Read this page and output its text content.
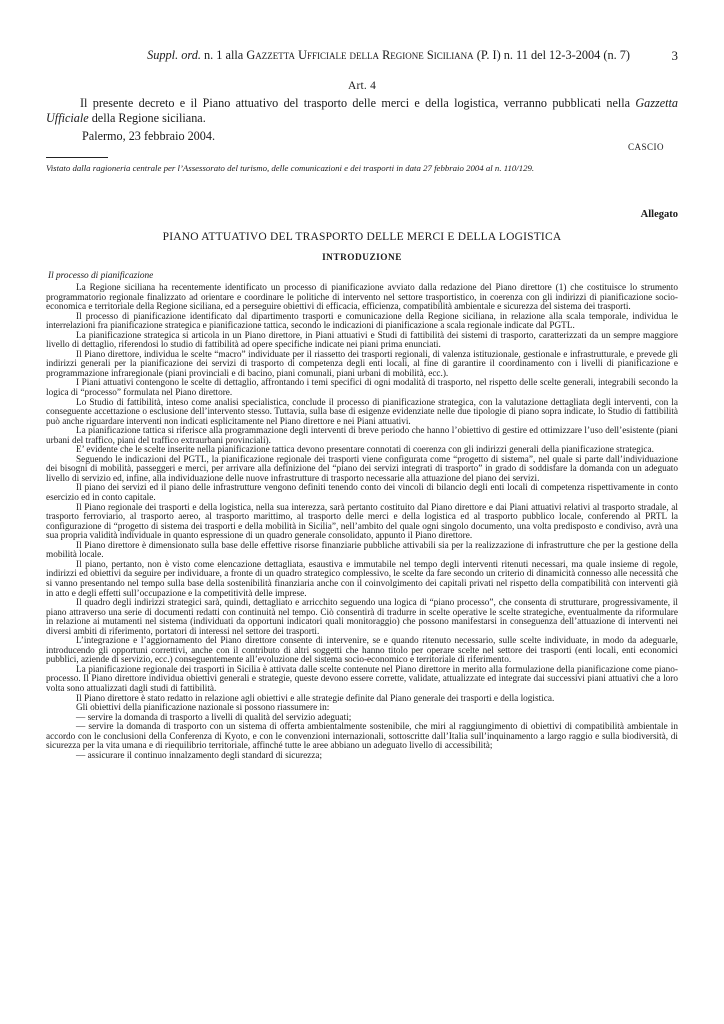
Suppl. ord. n. 1 alla Gazzetta Ufficiale della Regione Siciliana (P. I) n. 11 del 12-3-2004 (n. 7)	3
Art. 4
Il presente decreto e il Piano attuativo del trasporto delle merci e della logistica, verranno pubblicati nella Gazzetta Ufficiale della Regione siciliana.
Palermo, 23 febbraio 2004.
CASCIO
Vistato dalla ragioneria centrale per l’Assessorato del turismo, delle comunicazioni e dei trasporti in data 27 febbraio 2004 al n. 110/129.
Allegato
PIANO ATTUATIVO DEL TRASPORTO DELLE MERCI E DELLA LOGISTICA
INTRODUZIONE
Il processo di pianificazione

La Regione siciliana ha recentemente identificato un processo di pianificazione avviato dalla redazione del Piano direttore (1) che costituisce lo strumento programmatorio regionale finalizzato ad orientare e coordinare le politiche di intervento nel settore trasportistico, in coerenza con gli indirizzi di pianificazione socio-economica e territoriale della Regione siciliana, ed a perseguire obiettivi di efficacia, efficienza, compatibilità ambientale e sicurezza del sistema dei trasporti.

Il processo di pianificazione identificato dal dipartimento trasporti e comunicazione della Regione siciliana, in relazione alla scala temporale, individua le interrelazioni fra pianificazione strategica e pianificazione tattica, secondo le indicazioni di pianificazione a scala regionale indicate dal PGTL.

La pianificazione strategica si articola in un Piano direttore, in Piani attuativi e Studi di fattibilità dei sistemi di trasporto, caratterizzati da un sempre maggiore livello di dettaglio, riferendosi lo studio di fattibilità ad opere specifiche indicate nei piani prima enunciati.

Il Piano direttore, individua le scelte “macro” individuate per il riassetto dei trasporti regionali, di valenza istituzionale, gestionale e infrastrutturale, e prevede gli indirizzi generali per la pianificazione dei servizi di trasporto di competenza degli enti locali, al fine di garantire il coordinamento con i livelli di pianificazione e programmazione infraregionale (piani provinciali e di bacino, piani comunali, piani urbani di mobilità, ecc.).

I Piani attuativi contengono le scelte di dettaglio, affrontando i temi specifici di ogni modalità di trasporto, nel rispetto delle scelte generali, integrabili secondo la logica di “processo” formulata nel Piano direttore.

Lo Studio di fattibilità, inteso come analisi specialistica, conclude il processo di pianificazione strategica, con la valutazione dettagliata degli interventi, con la conseguente accettazione o esclusione dell’intervento stesso. Tuttavia, sulla base di esigenze evidenziate nelle due tipologie di piano sopra indicate, lo Studio di fattibilità può anche riguardare interventi non indicati esplicitamente nel Piano direttore e nei Piani attuativi.

La pianificazione tattica si riferisce alla programmazione degli interventi di breve periodo che hanno l’obiettivo di gestire ed ottimizzare l’uso dell’esistente (piani urbani del traffico, piani del traffico extraurbani provinciali).

E’ evidente che le scelte inserite nella pianificazione tattica devono presentare connotati di coerenza con gli indirizzi generali della pianificazione strategica.

Seguendo le indicazioni del PGTL, la pianificazione regionale dei trasporti viene configurata come “progetto di sistema”, nel quale si parte dall’individuazione dei bisogni di mobilità, passeggeri e merci, per arrivare alla definizione del “piano dei servizi integrati di trasporto” in grado di soddisfare la domanda con un adeguato livello di servizio ed, infine, alla individuazione delle nuove infrastrutture di trasporto necessarie alla attuazione del piano dei servizi.

Il piano dei servizi ed il piano delle infrastrutture vengono definiti tenendo conto dei vincoli di bilancio degli enti locali di competenza rispettivamente in conto esercizio ed in conto capitale.

Il Piano regionale dei trasporti e della logistica, nella sua interezza, sarà pertanto costituito dal Piano direttore e dai Piani attuativi relativi al trasporto stradale, al trasporto ferroviario, al trasporto aereo, al trasporto marittimo, al trasporto delle merci e della logistica ed al trasporto pubblico locale, conferendo al PRTL la configurazione di “progetto di sistema dei trasporti e della mobilità in Sicilia”, nell’ambito del quale ogni singolo documento, una volta predisposto e condiviso, avrà una sua propria validità individuale in quanto espressione di un quadro generale consolidato, appunto il Piano direttore.

Il Piano direttore è dimensionato sulla base delle effettive risorse finanziarie pubbliche attivabili sia per la realizzazione di infrastrutture che per la gestione della mobilità locale.

Il piano, pertanto, non è visto come elencazione dettagliata, esaustiva e immutabile nel tempo degli interventi ritenuti necessari, ma quale insieme di regole, indirizzi ed obiettivi da seguire per individuare, a fronte di un quadro strategico complessivo, le scelte da fare secondo un criterio di dinamicità connesso alle necessità che si vanno presentando nel tempo sulla base della sostenibilità finanziaria anche con il coinvolgimento dei capitali privati nel rispetto della compatibilità con interventi già in atto e degli effetti sull’occupazione e la competitività delle imprese.

Il quadro degli indirizzi strategici sarà, quindi, dettagliato e arricchito seguendo una logica di “piano processo”, che consenta di strutturare, progressivamente, il piano attraverso una serie di documenti redatti con continuità nel tempo. Ciò consentirà di tradurre in scelte operative le scelte strategiche, eventualmente da riformulare in relazione ai mutamenti nel sistema (individuati da opportuni indicatori quali monitoraggio) che possono manifestarsi in conseguenza dell’attuazione di interventi nei diversi ambiti di riferimento, portatori di interessi nel settore dei trasporti.

L’integrazione e l’aggiornamento del Piano direttore consente di intervenire, se e quando ritenuto necessario, sulle scelte individuate, in modo da adeguarle, introducendo gli opportuni correttivi, anche con il contributo di altri soggetti che hanno titolo per operare scelte nel settore dei trasporti (enti locali, enti economici pubblici, aziende di servizio, ecc.) conseguentemente all’evoluzione del sistema socio-economico e territoriale di riferimento.

La pianificazione regionale dei trasporti in Sicilia è attivata dalle scelte contenute nel Piano direttore in merito alla formulazione della pianificazione come piano-processo. Il Piano direttore individua obiettivi generali e strategie, queste devono essere corrette, validate, attualizzate ed integrate dai successivi piani attuativi che a loro volta sono attualizzati dagli studi di fattibilità.

Il Piano direttore è stato redatto in relazione agli obiettivi e alle strategie definite dal Piano generale dei trasporti e della logistica.

Gli obiettivi della pianificazione nazionale si possono riassumere in:

— servire la domanda di trasporto a livelli di qualità del servizio adeguati;
— servire la domanda di trasporto con un sistema di offerta ambientalmente sostenibile, che miri al raggiungimento di obiettivi di compatibilità ambientale in accordo con le conclusioni della Conferenza di Kyoto, e con le convenzioni internazionali, sottoscritte dall’Italia sull’inquinamento a largo raggio e sulla biodiversità, di sicurezza per la vita umana e di riequilibrio territoriale, affinché tutte le aree abbiano un adeguato livello di accessibilità;
— assicurare il continuo innalzamento degli standard di sicurezza;
